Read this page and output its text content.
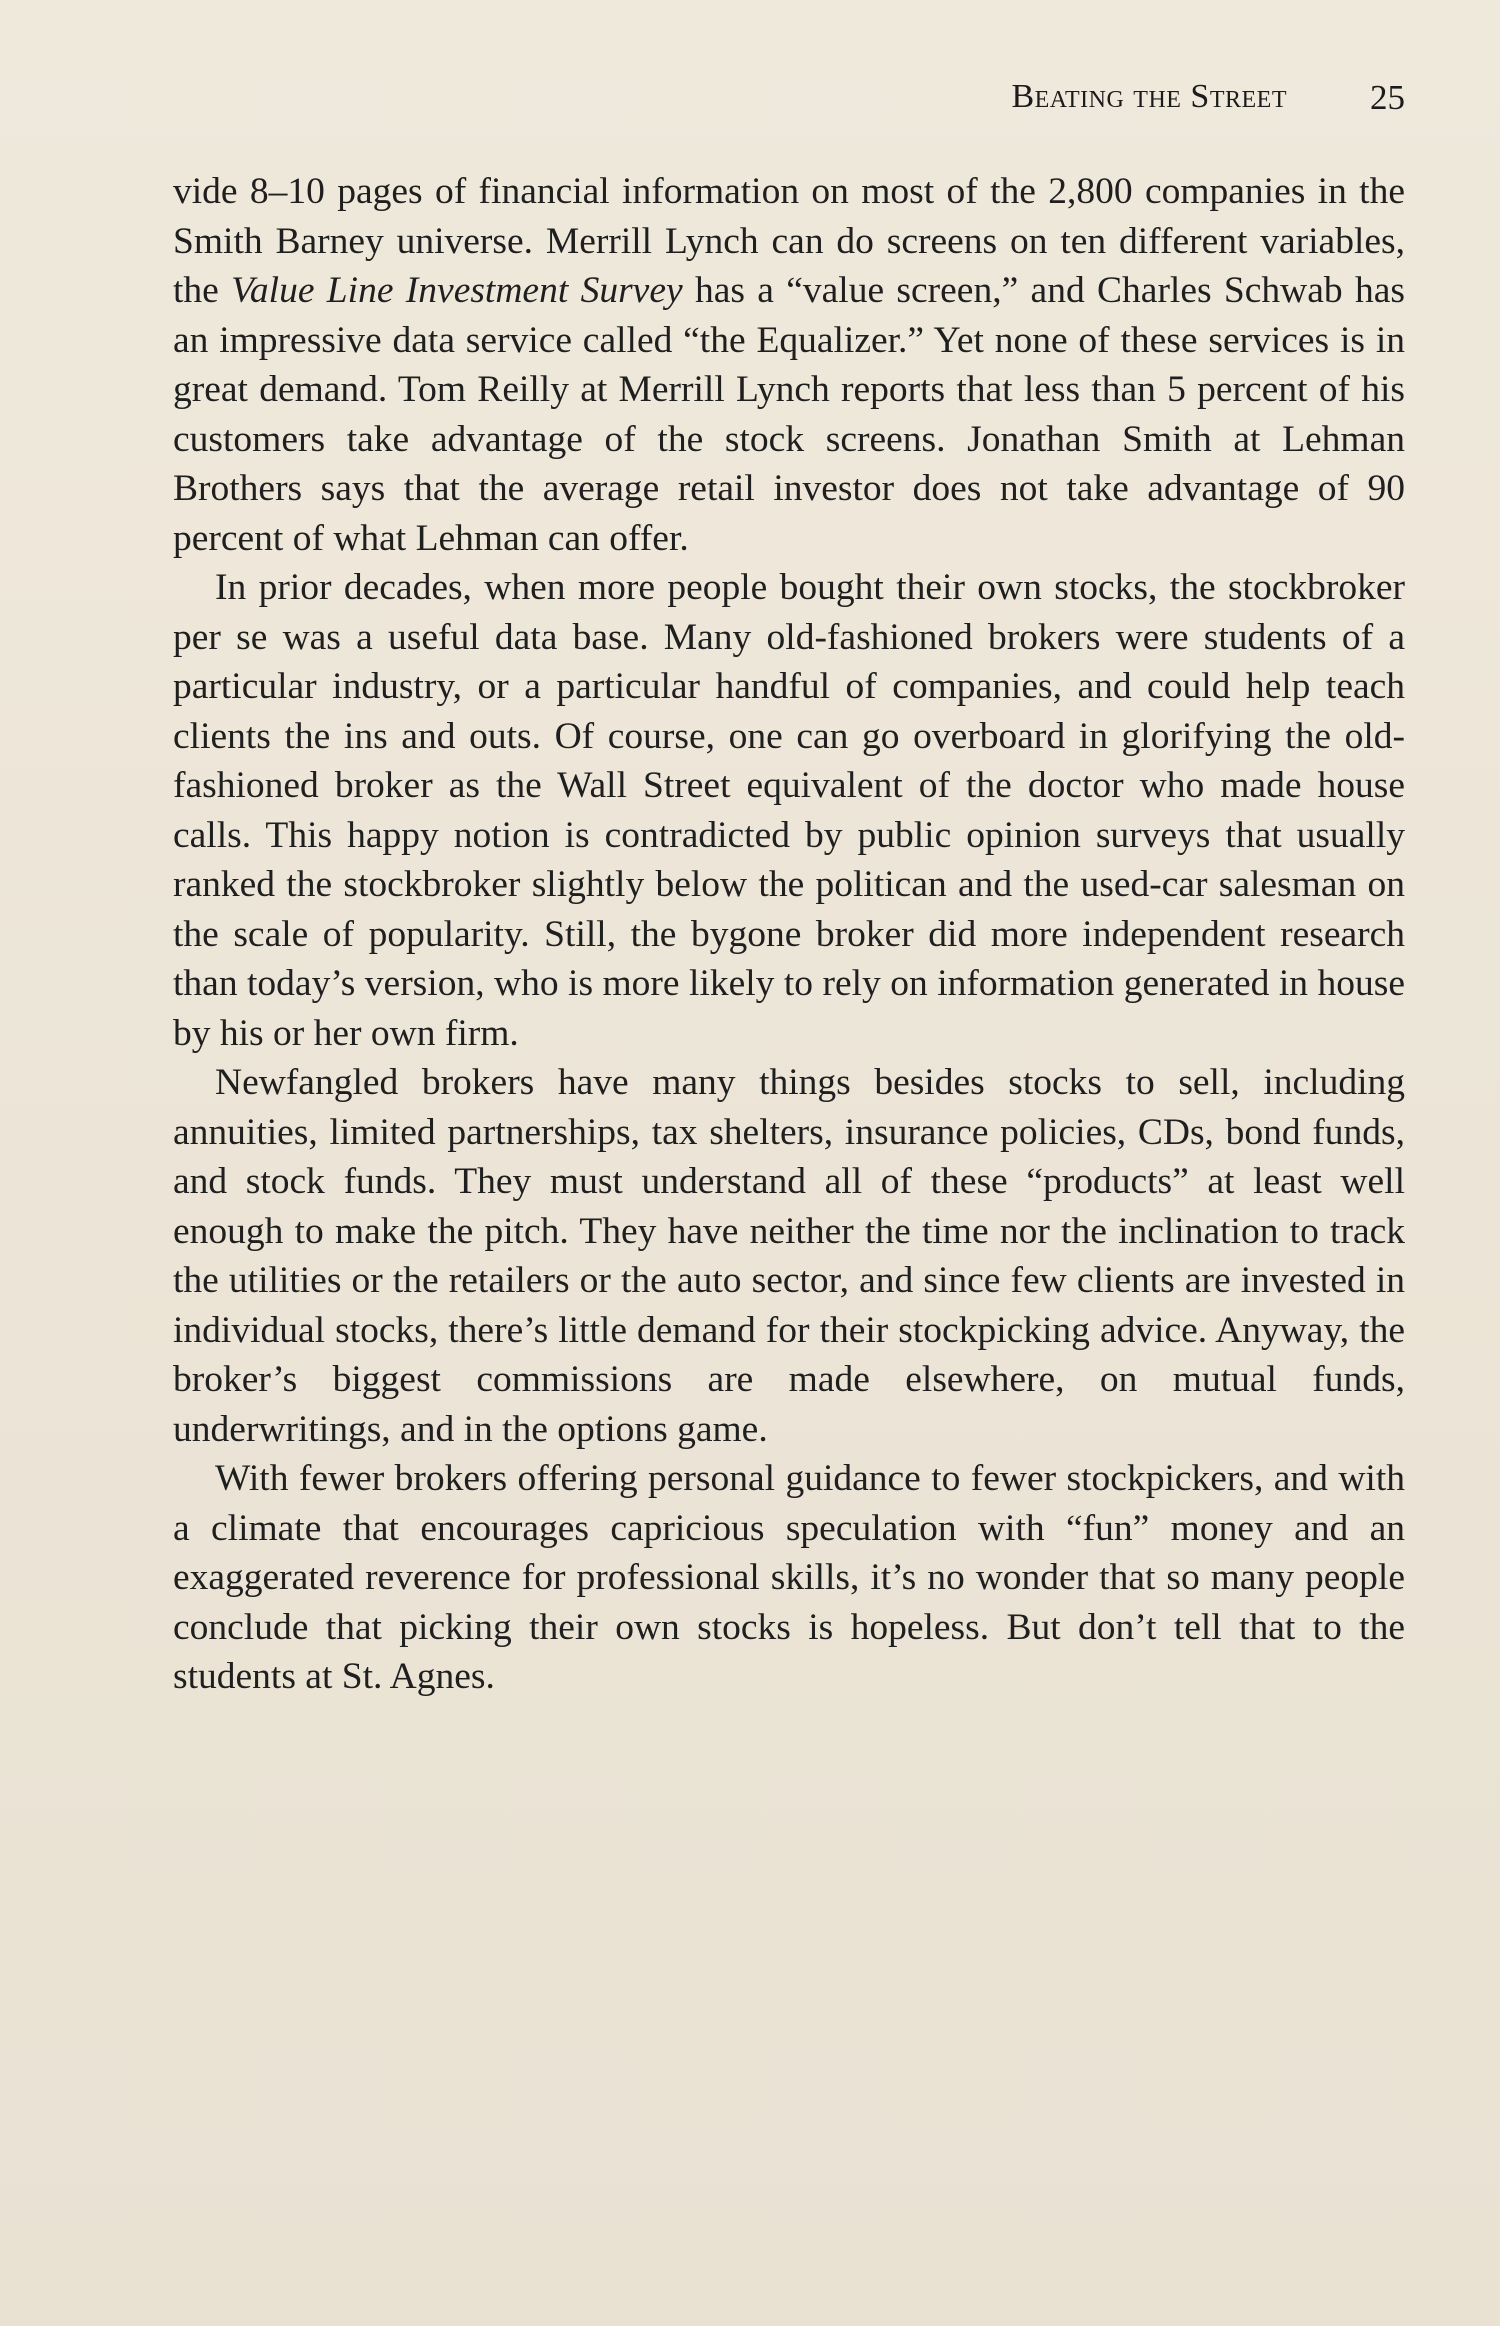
Beating the Street 25

vide 8–10 pages of financial information on most of the 2,800 companies in the Smith Barney universe. Merrill Lynch can do screens on ten different variables, the Value Line Investment Survey has a “value screen,” and Charles Schwab has an impressive data service called “the Equalizer.” Yet none of these services is in great demand. Tom Reilly at Merrill Lynch reports that less than 5 percent of his customers take advantage of the stock screens. Jonathan Smith at Lehman Brothers says that the average retail investor does not take advantage of 90 percent of what Lehman can offer.

In prior decades, when more people bought their own stocks, the stockbroker per se was a useful data base. Many old-fashioned brokers were students of a particular industry, or a particular handful of companies, and could help teach clients the ins and outs. Of course, one can go overboard in glorifying the old-fashioned broker as the Wall Street equivalent of the doctor who made house calls. This happy notion is contradicted by public opinion surveys that usually ranked the stockbroker slightly below the politican and the used-car salesman on the scale of popularity. Still, the bygone broker did more independent research than today’s version, who is more likely to rely on information generated in house by his or her own firm.

Newfangled brokers have many things besides stocks to sell, including annuities, limited partnerships, tax shelters, insurance policies, CDs, bond funds, and stock funds. They must understand all of these “products” at least well enough to make the pitch. They have neither the time nor the inclination to track the utilities or the retailers or the auto sector, and since few clients are invested in individual stocks, there’s little demand for their stockpicking advice. Anyway, the broker’s biggest commissions are made elsewhere, on mutual funds, underwritings, and in the options game.

With fewer brokers offering personal guidance to fewer stockpickers, and with a climate that encourages capricious speculation with “fun” money and an exaggerated reverence for professional skills, it’s no wonder that so many people conclude that picking their own stocks is hopeless. But don’t tell that to the students at St. Agnes.
